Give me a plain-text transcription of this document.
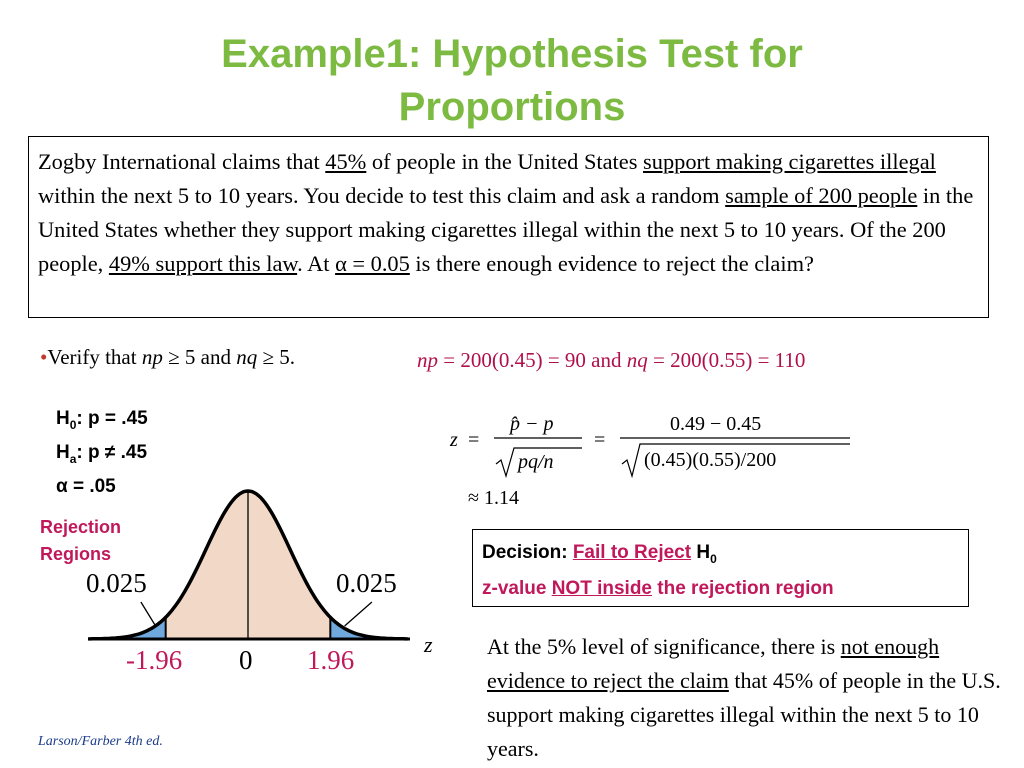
Example1: Hypothesis Test for
Proportions
Zogby International claims that 45% of people in the United States support making cigarettes illegal within the next 5 to 10 years. You decide to test this claim and ask a random sample of 200 people in the United States whether they support making cigarettes illegal within the next 5 to 10 years. Of the 200 people, 49% support this law. At α = 0.05 is there enough evidence to reject the claim?
•Verify that np ≥ 5 and nq ≥ 5.	np = 200(0.45) = 90 and nq = 200(0.55) = 110
$H_0$: p = .45
$H_a$: p ≠ .45
α = .05
z =
p̂ − p
pq/n
=
0.49 − 0.45
(0.45)(0.55)/200
≈ 1.14
Rejection
Regions
0.025	0.025
-1.96 0 1.96
z
Decision: Fail to Reject $H_0$
z-value NOT inside the rejection region
At the 5% level of significance, there is not enough evidence to reject the claim that 45% of people in the U.S. support making cigarettes illegal within the next 5 to 10 years.
Larson/Farber 4th ed.
